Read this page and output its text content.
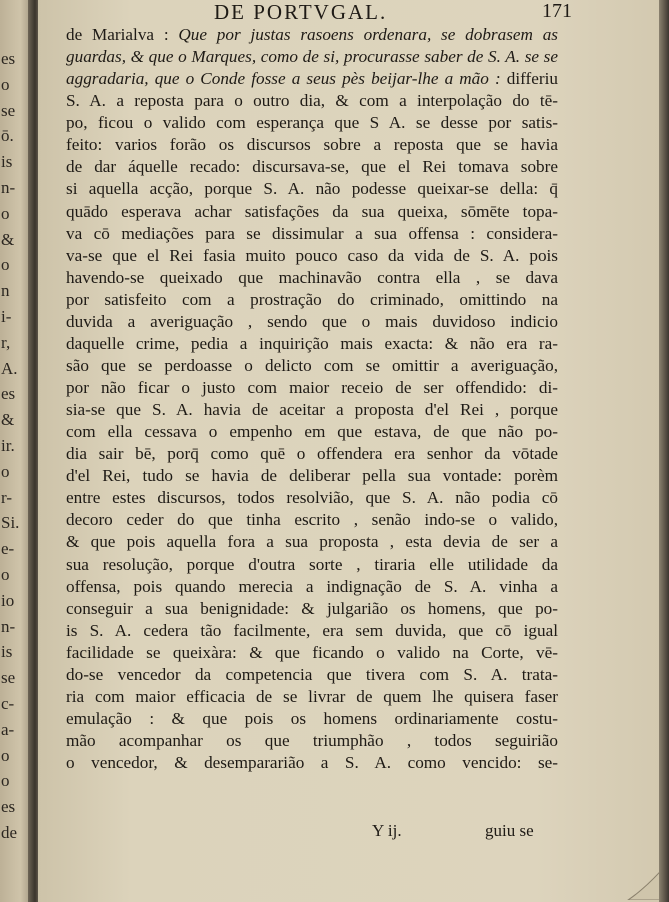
es
o
se
ō.
is
n-
o
&
o
n
i-
r,
A.
es
&
ir.
o
r-
Si.
e-
o
io
n-
is
se
c-
a-
o
o
es
de
DE PORTVGAL.	171
de Marialva : Que por justas rasoens ordenara, se dobrasem as
guardas, & que o Marques, como de si, procurasse saber de S. A. se se
aggradaria, que o Conde fosse a seus pès beijar-lhe a mão : differiu
S. A. a reposta para o outro dia, & com a interpolação do tē-
po, ficou o valido com esperança que S A. se desse por satis-
feito: varios forão os discursos sobre a reposta que se havia
de dar áquelle recado: discursava-se, que el Rei tomava sobre
si aquella acção, porque S. A. não podesse queixar-se della: q̄
quādo esperava achar satisfações da sua queixa, sōmēte topa-
va cō mediações para se dissimular a sua offensa : considera-
va-se que el Rei fasia muito pouco caso da vida de S. A. pois
havendo-se queixado que machinavão contra ella , se dava
por satisfeito com a prostração do criminado, omittindo na
duvida a averiguação , sendo que o mais duvidoso indicio
daquelle crime, pedia a inquirição mais exacta: & não era ra-
são que se perdoasse o delicto com se omittir a averiguação,
por não ficar o justo com maior receio de ser offendido: di-
sia-se que S. A. havia de aceitar a proposta d'el Rei , porque
com ella cessava o empenho em que estava, de que não po-
dia sair bē, porq̄ como quē o offendera era senhor da vōtade
d'el Rei, tudo se havia de deliberar pella sua vontade: porèm
entre estes discursos, todos resolvião, que S. A. não podia cō
decoro ceder do que tinha escrito , senão indo-se o valido,
& que pois aquella fora a sua proposta , esta devia de ser a
sua resolução, porque d'outra sorte , tiraria elle utilidade da
offensa, pois quando merecia a indignação de S. A. vinha a
conseguir a sua benignidade: & julgarião os homens, que po-
is S. A. cedera tão facilmente, era sem duvida, que cō igual
facilidade se queixàra: & que ficando o valido na Corte, vē-
do-se vencedor da competencia que tivera com S. A. trata-
ria com maior efficacia de se livrar de quem lhe quisera faser
emulação : & que pois os homens ordinariamente costu-
mão acompanhar os que triumphão , todos seguirião
o vencedor, & desempararião a S. A. como vencido: se-
Y ij.	guiu se
